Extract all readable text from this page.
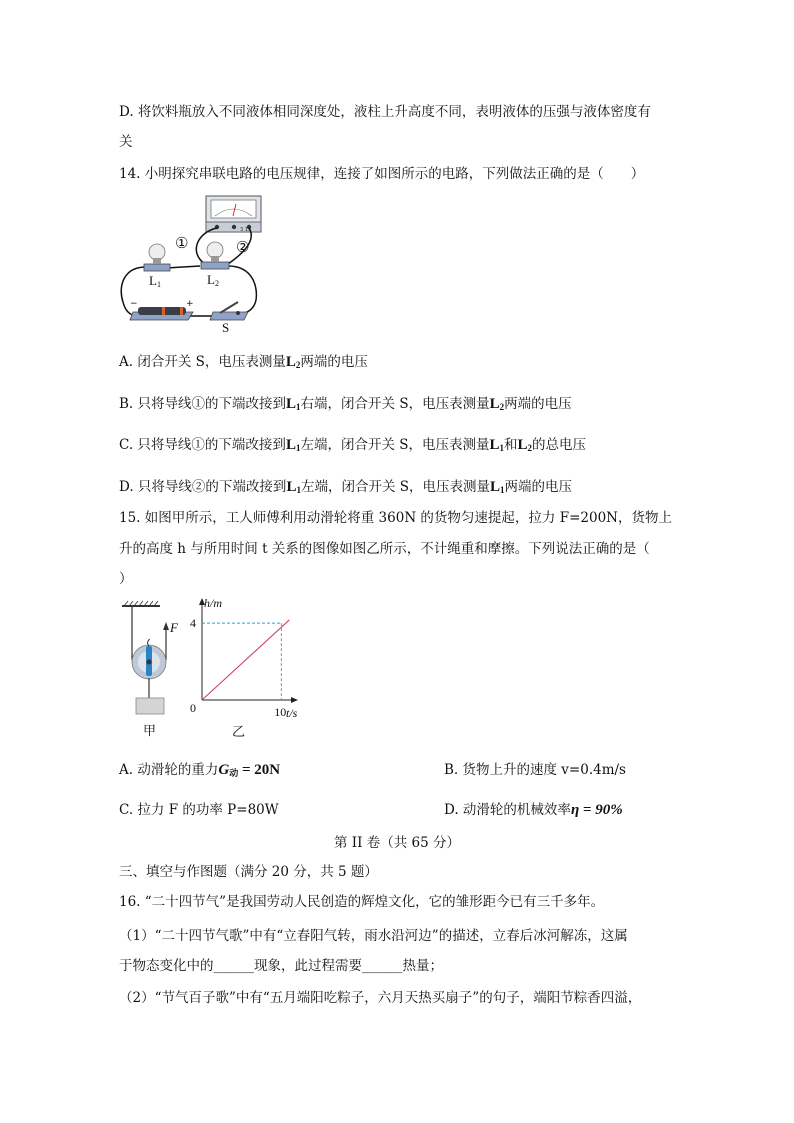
D. 将饮料瓶放入不同液体相同深度处，液柱上升高度不同，表明液体的压强与液体密度有
关
14. 小明探究串联电路的电压规律，连接了如图所示的电路，下列做法正确的是（　　）
3 15
①	②
L1	L2
−	+
S
A. 闭合开关 S，电压表测量$L_2$两端的电压
B. 只将导线①的下端改接到$L_1$右端，闭合开关 S，电压表测量$L_2$两端的电压
C. 只将导线①的下端改接到$L_1$左端，闭合开关 S，电压表测量$L_1$和$L_2$的总电压
D. 只将导线②的下端改接到$L_1$左端，闭合开关 S，电压表测量$L_1$两端的电压
15. 如图甲所示，工人师傅利用动滑轮将重 360N 的货物匀速提起，拉力 F=200N，货物上
升的高度 h 与所用时间 t 关系的图像如图乙所示，不计绳重和摩擦。下列说法正确的是（
）
F
甲
h/m
4
0	10 t/s
乙
A. 动滑轮的重力$G_动 = 20N$	B. 货物上升的速度 v=0.4m/s
C. 拉力 F 的功率 P=80W	D. 动滑轮的机械效率η = 90%
第 II 卷（共 65 分）
三、填空与作图题（满分 20 分，共 5 题）
16. “二十四节气”是我国劳动人民创造的辉煌文化，它的雏形距今已有三千多年。
（1）“二十四节气歌”中有“立春阳气转，雨水沿河边”的描述，立春后冰河解冻，这属
于物态变化中的______现象，此过程需要______热量；
（2）“节气百子歌”中有“五月端阳吃粽子，六月天热买扇子”的句子，端阳节粽香四溢，
